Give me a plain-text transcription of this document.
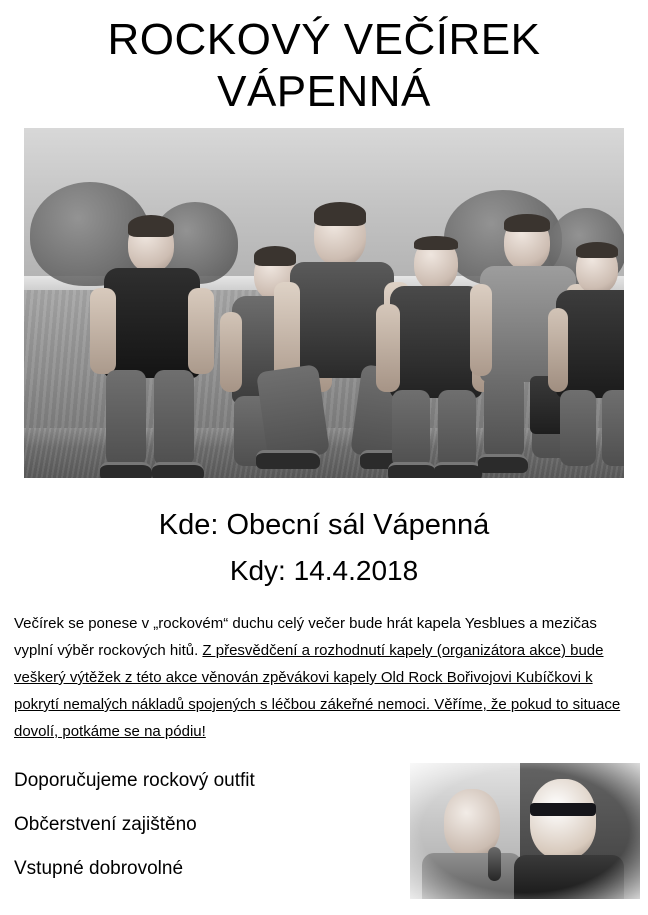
ROCKOVÝ VEČÍREK
VÁPENNÁ
Kde: Obecní sál Vápenná
Kdy: 14.4.2018
Večírek se ponese v „rockovém“ duchu celý večer bude hrát kapela Yesblues a mezičas vyplní výběr rockových hitů. Z přesvědčení a rozhodnutí kapely (organizátora akce) bude veškerý výtěžek z této akce věnován zpěvákovi kapely Old Rock Bořivojovi Kubíčkovi k pokrytí nemalých nákladů spojených s léčbou zákeřné nemoci. Věříme, že pokud to situace dovolí, potkáme se na pódiu!
Doporučujeme rockový outfit
Občerstvení zajištěno
Vstupné dobrovolné
